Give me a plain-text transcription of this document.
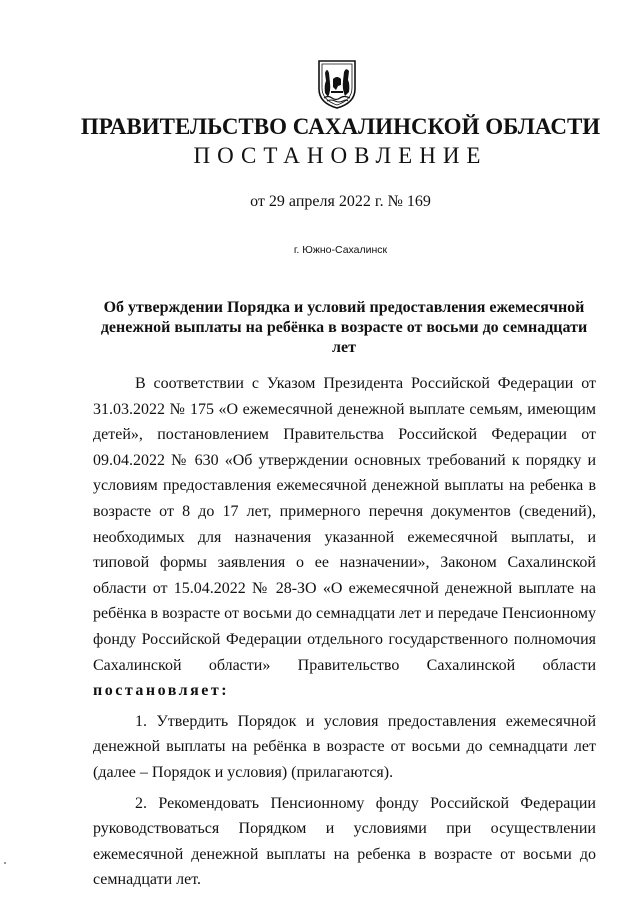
ПРАВИТЕЛЬСТВО САХАЛИНСКОЙ ОБЛАСТИ
ПОСТАНОВЛЕНИЕ
от 29 апреля 2022 г. № 169
г. Южно-Сахалинск
Об утверждении Порядка и условий предоставления ежемесячной денежной выплаты на ребёнка в возрасте от восьми до семнадцати лет

В соответствии с Указом Президента Российской Федерации от 31.03.2022 № 175 «О ежемесячной денежной выплате семьям, имеющим детей», постановлением Правительства Российской Федерации от 09.04.2022 № 630 «Об утверждении основных требований к порядку и условиям предоставления ежемесячной денежной выплаты на ребенка в возрасте от 8 до 17 лет, примерного перечня документов (сведений), необходимых для назначения указанной ежемесячной выплаты, и типовой формы заявления о ее назначении», Законом Сахалинской области от 15.04.2022 № 28-ЗО «О ежемесячной денежной выплате на ребёнка в возрасте от восьми до семнадцати лет и передаче Пенсионному фонду Российской Федерации отдельного государственного полномочия Сахалинской области» Правительство Сахалинской области постановляет:

1. Утвердить Порядок и условия предоставления ежемесячной денежной выплаты на ребёнка в возрасте от восьми до семнадцати лет (далее – Порядок и условия) (прилагаются).

2. Рекомендовать Пенсионному фонду Российской Федерации руководствоваться Порядком и условиями при осуществлении ежемесячной денежной выплаты на ребенка в возрасте от восьми до семнадцати лет.
